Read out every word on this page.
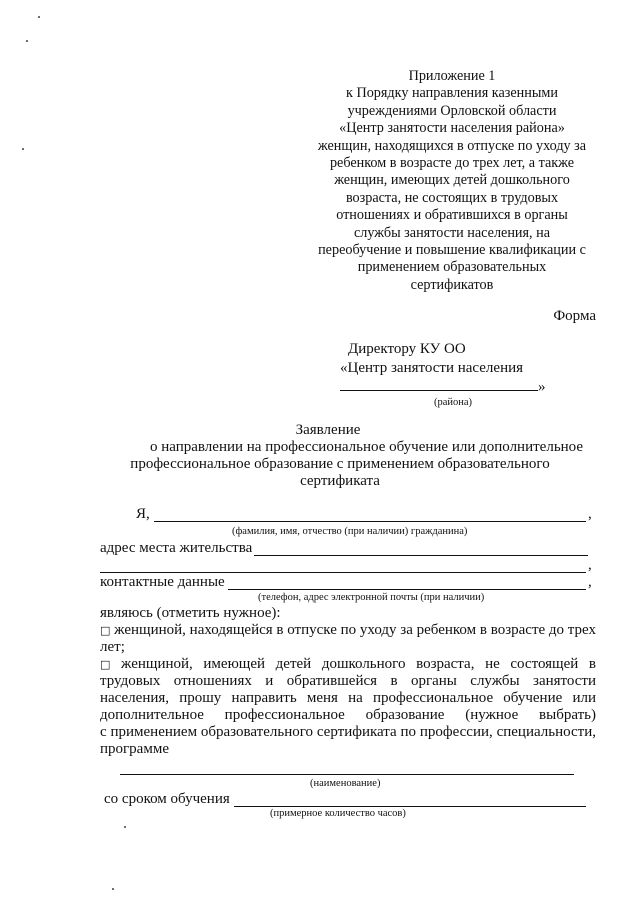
Приложение 1
к Порядку направления казенными
учреждениями Орловской области
«Центр занятости населения района»
женщин, находящихся в отпуске по уходу за
ребенком в возрасте до трех лет, а также
женщин, имеющих детей дошкольного
возраста, не состоящих в трудовых
отношениях и обратившихся в органы
службы занятости населения, на
переобучение и повышение квалификации с
применением образовательных
сертификатов
Форма
Директору КУ ОО
«Центр занятости населения
»
(района)
Заявление
о направлении на профессиональное обучение или дополнительное
профессиональное образование с применением образовательного
сертификата
Я,	,
(фамилия, имя, отчество (при наличии) гражданина)
адрес места жительства
,
контактные данные	,
(телефон, адрес электронной почты (при наличии)
являюсь (отметить нужное):
□ женщиной, находящейся в отпуске по уходу за ребенком в возрасте до трех
лет;
□ женщиной, имеющей детей дошкольного возраста, не состоящей в
трудовых отношениях и обратившейся в органы службы занятости
населения, прошу направить меня на профессиональное обучение или
дополнительное профессиональное образование (нужное выбрать)
с применением образовательного сертификата по профессии, специальности,
программе
(наименование)
со сроком обучения
(примерное количество часов)
